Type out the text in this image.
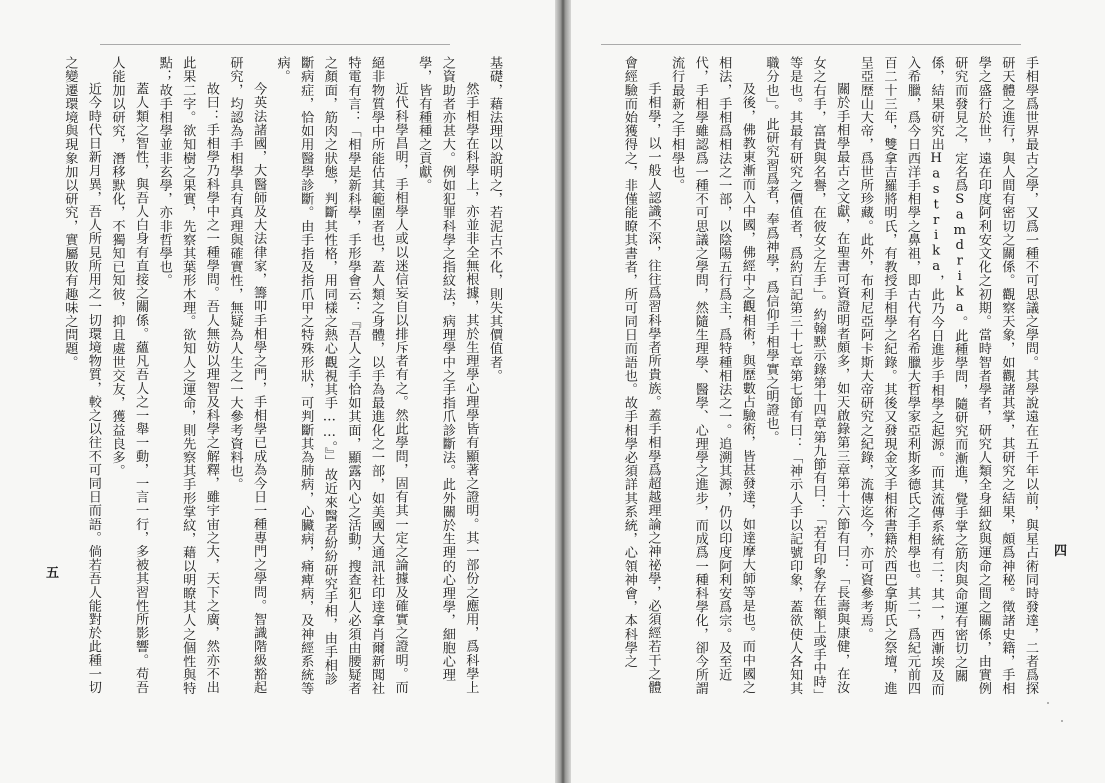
基礎，藉法理以說明之，若泥古不化，則失其價值者。

然手相學在科學上，亦並非全無根據，其於生理學心理學皆有顯著之證明。其一部份之應用，爲科學上之資助者亦甚大。例如犯罪科學之指紋法，病理學中之手指爪診斷法。此外關於生理的心理學，細胞心理學，皆有種種之貢獻。

近代科學昌明，手相學人或以迷信妄自以排斥者有之。然此學問，固有其一定之論據及確實之證明。而絕非物質學中所能估其範圍者也，蓋人類之身體，以手為最進化之一部，如美國大通訊社印達拿肖爾新聞社特電有言：「相學是新科學，手形學會云：『吾人之手恰如其面，顯露內心之活動，搜查犯人必須由腰疑者之顏面，筋肉之狀態，判斷其性格，用同樣之熱心觀視其手……。』」故近來醫者紛紛研究手相，由手相診斷病症，恰如用醫學診斷。由手指及指爪甲之特殊形狀，可判斷其為肺病，心臟病，痛痺病，及神經系統等病。

今英法諸國，大醫師及大法律家，籌叩手相學之門，手相學已成為今日一種專門之學問。智識階級豁起研究，均認為手相學具有真理與確實性，無疑為人生之一大參考資料也。

故曰：手相學乃科學中之一種學問。吾人無妨以理智及科學之解釋，雖宇宙之大，天下之廣，然亦不出此果二字。欲知樹之果實，先察其葉形木理。欲知人之運命，則先察其手形掌紋，藉以明瞭其人之個性與特點；故手相學並非玄學，亦非哲學也。

蓋人類之智性，與吾人白身有直接之關係。蘊凡吾人之一舉一動，一言一行，多被其習性所影響。苟吾人能加以研究，潛移默化，不獨知已知彼，抑且處世交友，獲益良多。

近今時代日新月異，吾人所見所用之一切環境物質，較之以往不可同日而語。倘若吾人能對於此種一切之變遷環境與現象加以研究，實屬敗有趣味之問題。

五	手相學爲世界最古之學，又爲一種不可思議之學問。其學說遠在五千年以前，與星占術同時發達，二者爲探研天體之進行，與人間有密切之關係。觀察天象，如觀諸其掌，其研究之結果，頗爲神秘。徵諸史籍，手相學之盛行於世，遠在印度阿利安文化之初期。當時智者學者，研究人類全身細紋與運命之間之關係，由實例研究而發見之，定名爲Samdrika。此種學問，隨研究而漸進，覺手掌之筋肉與命運有密切之關係，結果研究出Hastrika，此乃今日進步手相學之起源。而其流傳系統有二：其一，西漸埃及而入希臘，爲今日西洋手相學之鼻祖，即古代有名希臘大哲學家亞利斯多德氏之手相學也。其二，爲紀元前四百二十三年，雙拿吉羅將明氏，有教授手相學之紀錄。其後又發現金文手相術書籍於西巴拿斯氏之祭壇，進呈亞歷山大帝，爲世所珍藏。此外，布利尼亞阿卡斯大帝研究之紀錄，流傳迄今，亦可資參考焉。

關於手相學最古之文獻，在聖書可資證明者頗多，如天啟錄第三章第十六節有曰：「長壽與康健，在汝女之右手，富貴與名譽，在彼女之左手」。約翰默示錄第十四章第九節有曰：「若有印象存在額上或手中時」等是也。其最有研究之價值者，爲約百記第三十七章第七節有曰：「神示人手以記號印象，蓋欲使人各知其職分也」。此研究習爲者，奉爲神學，爲信仰手相學實之明證也。

及後，佛教東漸而入中國，佛經中之觀相術，與歷數占驗術，皆甚發達，如達摩大師等是也。而中國之相法，手相爲相法之一部，以陰陽五行爲主，爲特種相法之一。追溯其源，仍以印度阿利安爲宗。及至近代，手相學雖認爲一種不可思議之學問，然隨生理學、醫學、心理學之進步，而成爲一種科學化，卻今所謂流行最新之手相學也。

手相學，以一般人認識不深，往往爲習科學者所貴族。蓋手相學爲超越理論之神祕學，必須經若干之體會經驗而始獲得之，非僅能瞭其書者，所可同日而語也。故手相學必須詳其系統，心領神會，本科學之	四
